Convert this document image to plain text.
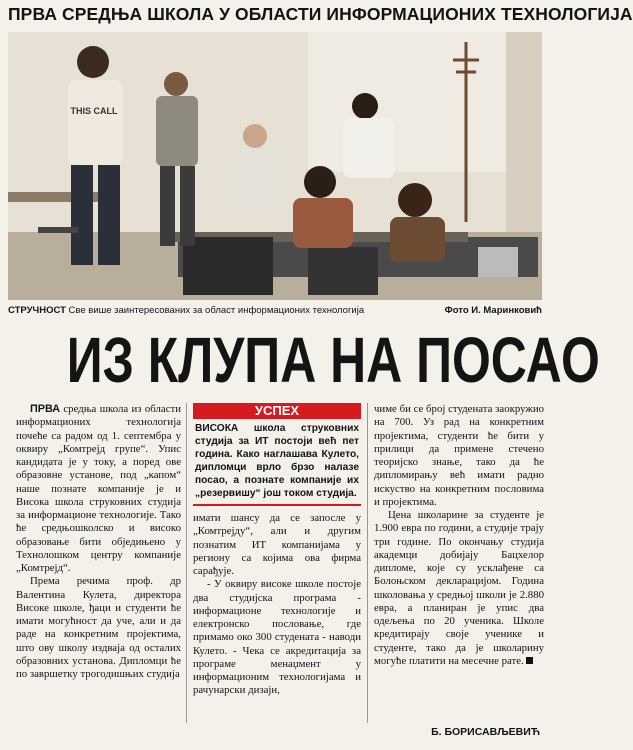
ПРВА СРЕДЊА ШКОЛА У ОБЛАСТИ ИНФОРМАЦИОНИХ ТЕХНОЛОГИЈА
THIS CALL
СТРУЧНОСТ Све више заинтересованих за област информационих технологија	Фото И. Маринковић
ИЗ КЛУПА НА ПОСАО

ПРВА средња школа из области информационих технологија почеће са радом од 1. септембра у оквиру „Комтрејд групе“. Упис кандидата је у току, а поред ове образовне установе, под „капом“ наше познате компаније је и Висока школа струковних студија за информационе технологије. Тако ће средњошколско и високо образовање бити обједињено у Технолошком центру компаније „Комтрејд“.

Према речима проф. др Валентина Кулета, директора Високе школе, ђаци и студенти ће имати могућност да уче, али и да раде на конкретним пројектима, што ову школу издваја од осталих образовних установа. Дипломци ће по завршетку трогодишњих студија

УСПЕХ
ВИСОКА школа струковних студија за ИТ постоји већ пет година. Како наглашава Кулето, дипломци врло брзо налазе посао, а познате компаније их „резервишу“ још током студија.

имати шансу да се запосле у „Комтрејду“, али и другим познатим ИТ компанијама у региону са којима ова фирма сарађује.

- У оквиру високе школе постоје два студијска програма - информационе технологије и електронско пословање, где примамо око 300 студената - наводи Кулето. - Чека се акредитација за програме менаџмент у информационим технологијама и рачунарски дизајн,

чиме би се број студената заокружио на 700. Уз рад на конкретним пројектима, студенти ће бити у прилици да примене стечено теоријско знање, тако да ће дипломирању већ имати радно искуство на конкретним пословима и пројектима.

Цена школарине за студенте је 1.900 евра по години, а студије трају три године. По окончању студија академци добијају Бацхелор дипломе, које су усклађене са Болоњском декларацијом. Година школовања у средњој школи је 2.880 евра, а планиран је упис два одељења по 20 ученика. Школе кредитирају своје ученике и студенте, тако да је школарину могуће платити на месечне рате.

Б. БОРИСАВЉЕВИЋ
